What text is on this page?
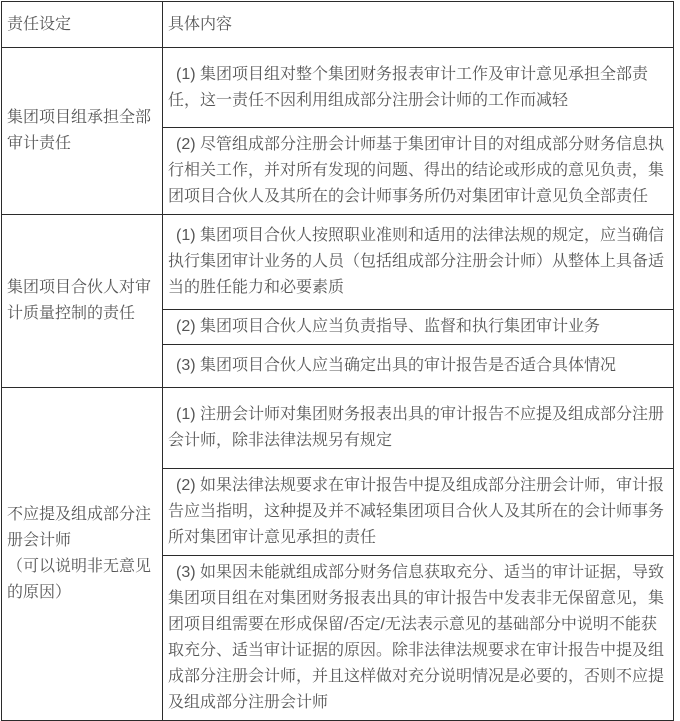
责任设定	具体内容

集团项目组承担全部审计责任	(1) 集团项目组对整个集团财务报表审计工作及审计意见承担全部责任，这一责任不因利用组成部分注册会计师的工作而减轻

	(2) 尽管组成部分注册会计师基于集团审计目的对组成部分财务信息执行相关工作，并对所有发现的问题、得出的结论或形成的意见负责，集团项目合伙人及其所在的会计师事务所仍对集团审计意见负全部责任

集团项目合伙人对审计质量控制的责任	(1) 集团项目合伙人按照职业准则和适用的法律法规的规定，应当确信执行集团审计业务的人员（包括组成部分注册会计师）从整体上具备适当的胜任能力和必要素质

	(2) 集团项目合伙人应当负责指导、监督和执行集团审计业务

	(3) 集团项目合伙人应当确定出具的审计报告是否适合具体情况

不应提及组成部分注册会计师
（可以说明非无意见的原因）	(1) 注册会计师对集团财务报表出具的审计报告不应提及组成部分注册会计师，除非法律法规另有规定

	(2) 如果法律法规要求在审计报告中提及组成部分注册会计师，审计报告应当指明，这种提及并不减轻集团项目合伙人及其所在的会计师事务所对集团审计意见承担的责任

	(3) 如果因未能就组成部分财务信息获取充分、适当的审计证据，导致集团项目组在对集团财务报表出具的审计报告中发表非无保留意见，集团项目组需要在形成保留/否定/无法表示意见的基础部分中说明不能获取充分、适当审计证据的原因。除非法律法规要求在审计报告中提及组成部分注册会计师，并且这样做对充分说明情况是必要的，否则不应提及组成部分注册会计师
